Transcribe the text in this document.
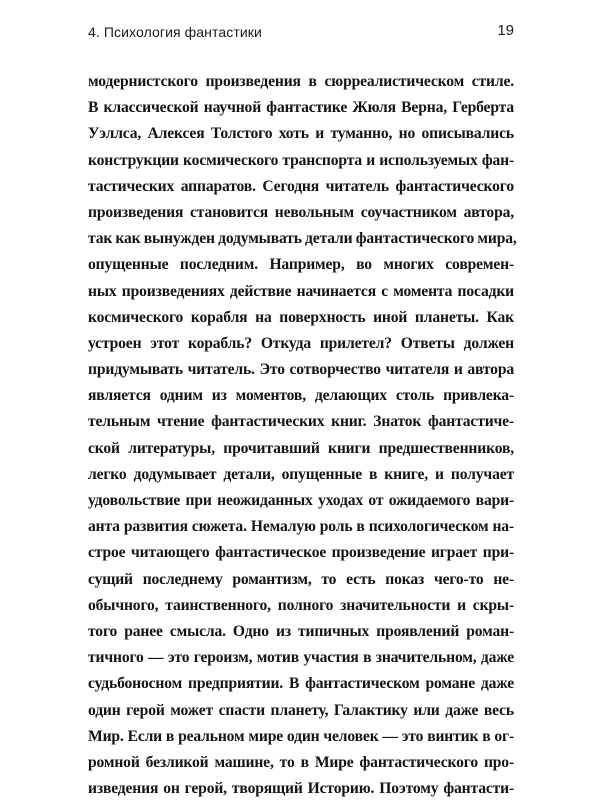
4. Психология фантастики	19
модернистского произведения в сюрреалистическом стиле.
В классической научной фантастике Жюля Верна, Герберта
Уэллса, Алексея Толстого хоть и туманно, но описывались
конструкции космического транспорта и используемых фан-
тастических аппаратов. Сегодня читатель фантастического
произведения становится невольным соучастником автора,
так как вынужден додумывать детали фантастического мира,
опущенные последним. Например, во многих современ-
ных произведениях действие начинается с момента посадки
космического корабля на поверхность иной планеты. Как
устроен этот корабль? Откуда прилетел? Ответы должен
придумывать читатель. Это сотворчество читателя и автора
является одним из моментов, делающих столь привлека-
тельным чтение фантастических книг. Знаток фантастиче-
ской литературы, прочитавший книги предшественников,
легко додумывает детали, опущенные в книге, и получает
удовольствие при неожиданных уходах от ожидаемого вари-
анта развития сюжета. Немалую роль в психологическом на-
строе читающего фантастическое произведение играет при-
сущий последнему романтизм, то есть показ чего-то не-
обычного, таинственного, полного значительности и скры-
того ранее смысла. Одно из типичных проявлений роман-
тичного — это героизм, мотив участия в значительном, даже
судьбоносном предприятии. В фантастическом романе даже
один герой может спасти планету, Галактику или даже весь
Мир. Если в реальном мире один человек — это винтик в ог-
ромной безликой машине, то в Мире фантастического про-
изведения он герой, творящий Историю. Поэтому фантасти-
